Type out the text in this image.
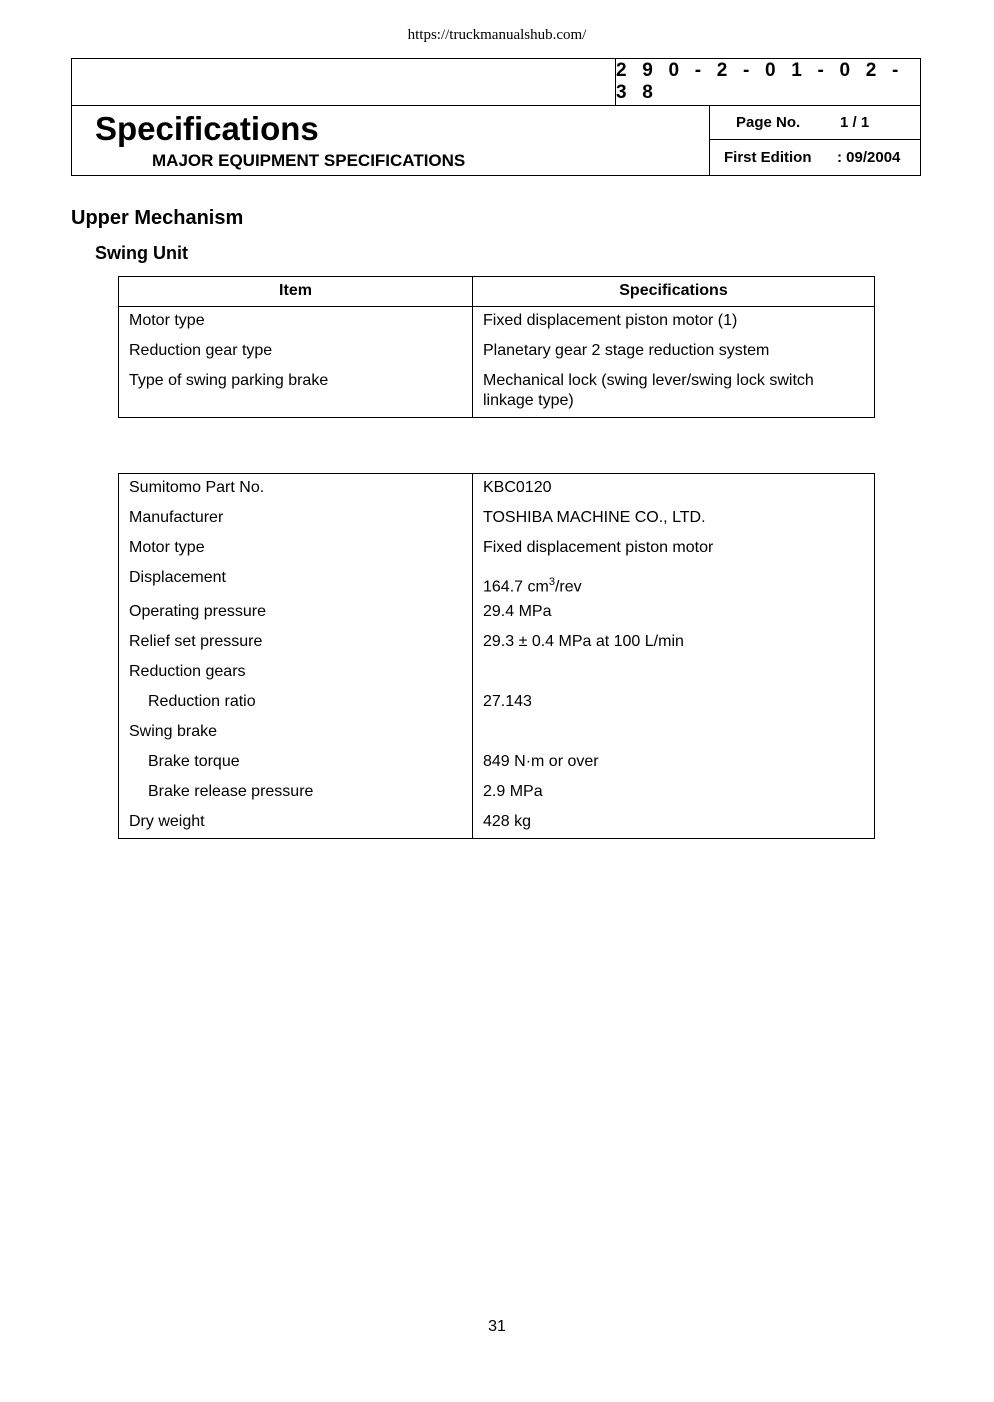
https://truckmanualshub.com/
2 9 0 - 2 - 0 1 - 0 2 - 3 8
Specifications
MAJOR EQUIPMENT SPECIFICATIONS
Page No.	1 / 1
First Edition : 09/2004
Upper Mechanism
Swing Unit
Item	Specifications
Motor type	Fixed displacement piston motor (1)
Reduction gear type	Planetary gear 2 stage reduction system
Type of swing parking brake	Mechanical lock (swing lever/swing lock switch linkage type)
Sumitomo Part No.	KBC0120
Manufacturer	TOSHIBA MACHINE CO., LTD.
Motor type	Fixed displacement piston motor
Displacement	164.7 $cm^3$/rev
Operating pressure	29.4 MPa
Relief set pressure	29.3 ± 0.4 MPa at 100 L/min
Reduction gears	
Reduction ratio	27.143
Swing brake	
Brake torque	849 N·m or over
Brake release pressure	2.9 MPa
Dry weight	428 kg
31
